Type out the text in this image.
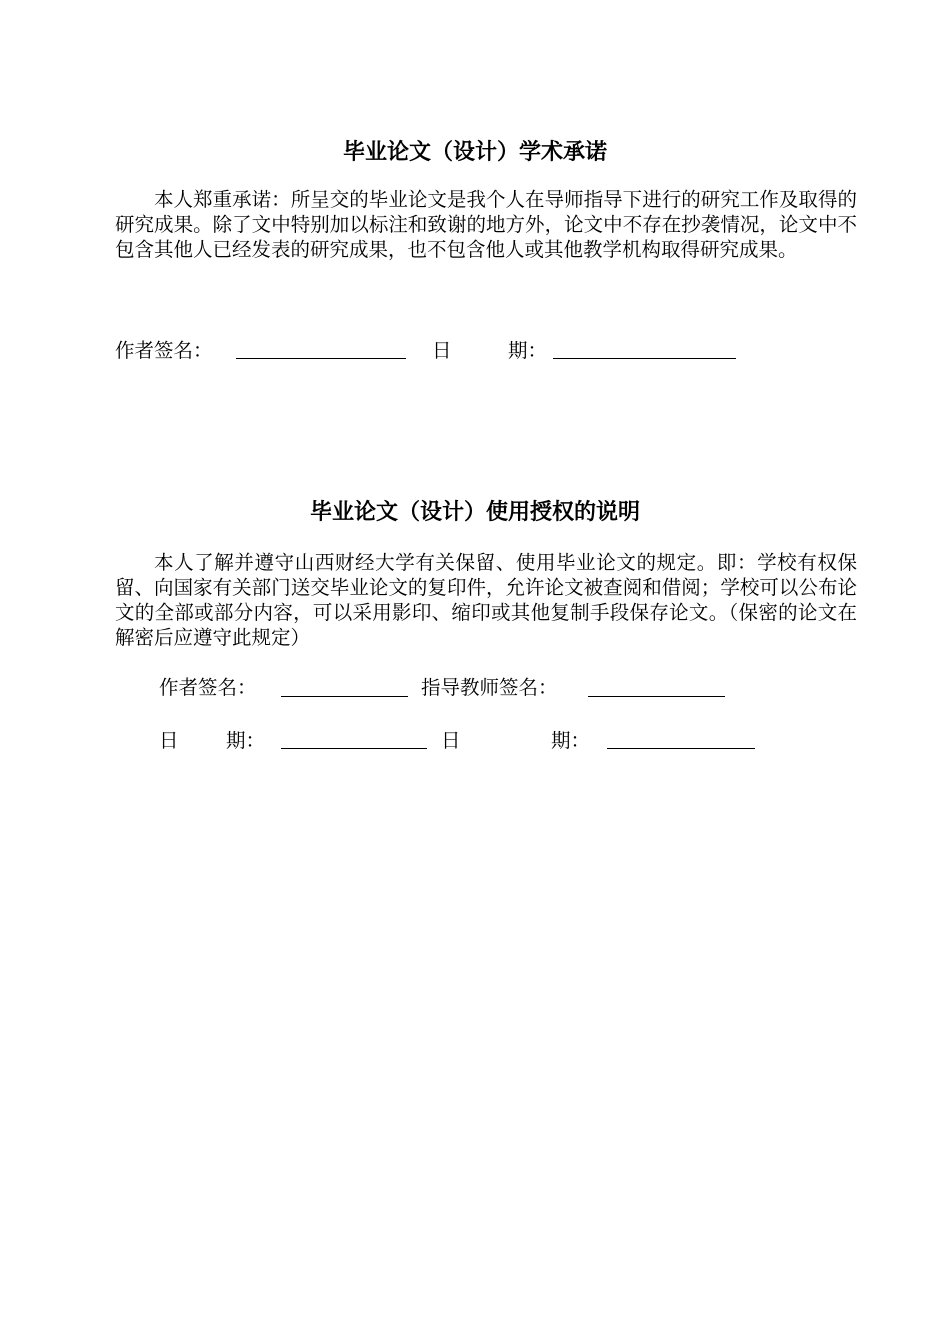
毕业论文（设计）学术承诺

本人郑重承诺：所呈交的毕业论文是我个人在导师指导下进行的研究工作及取得的研究成果。除了文中特别加以标注和致谢的地方外，论文中不存在抄袭情况，论文中不包含其他人已经发表的研究成果，也不包含他人或其他教学机构取得研究成果。

作者签名：	日	期：
毕业论文（设计）使用授权的说明

本人了解并遵守山西财经大学有关保留、使用毕业论文的规定。即：学校有权保留、向国家有关部门送交毕业论文的复印件，允许论文被查阅和借阅；学校可以公布论文的全部或部分内容，可以采用影印、缩印或其他复制手段保存论文。（保密的论文在解密后应遵守此规定）

作者签名：	指导教师签名：
日 期：	日	期：
